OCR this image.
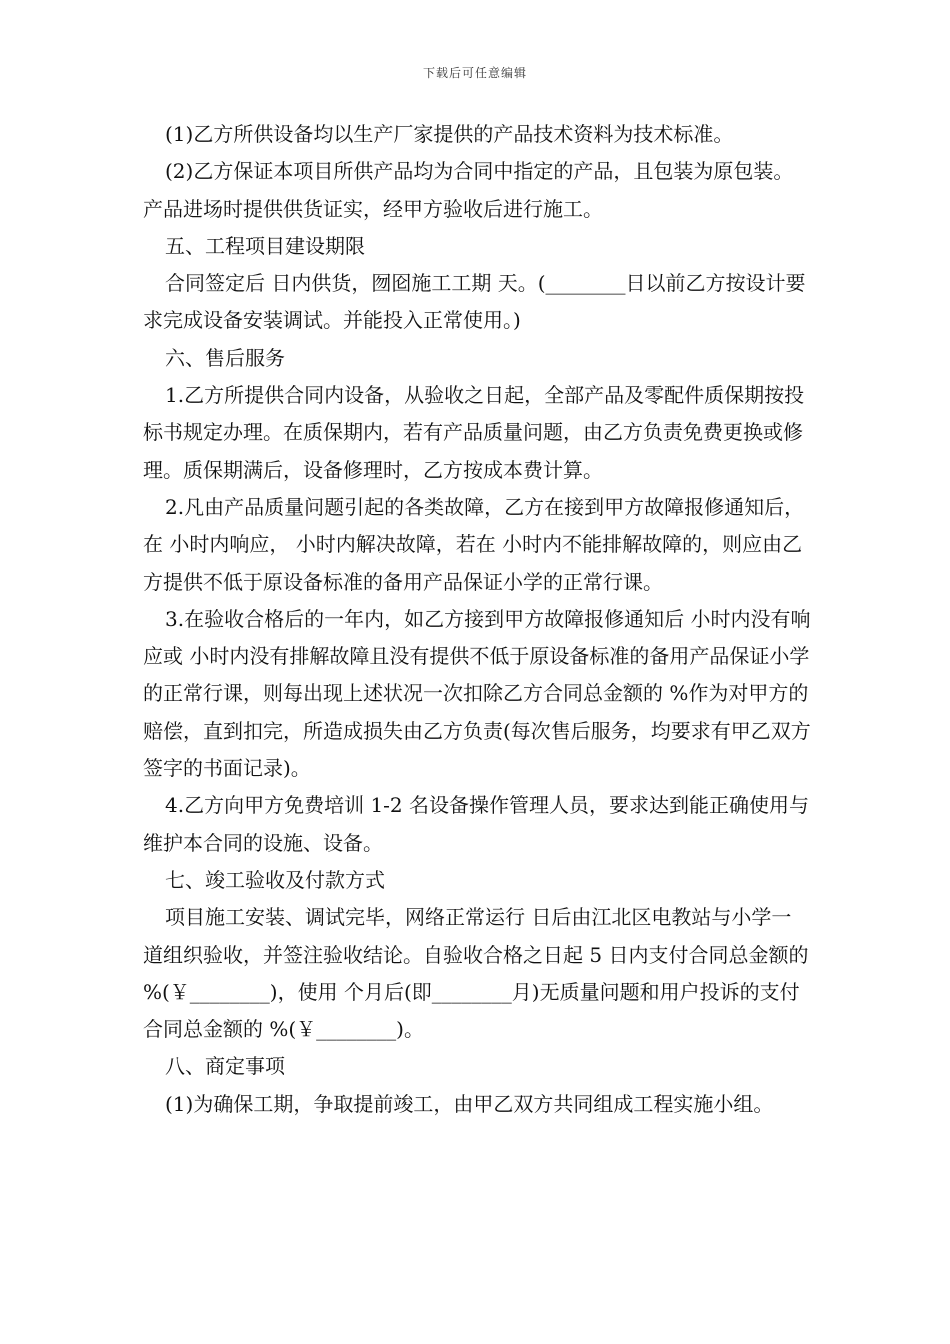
下载后可任意编辑

(1)乙方所供设备均以生产厂家提供的产品技术资料为技术标准。

(2)乙方保证本项目所供产品均为合同中指定的产品，且包装为原包装。产品进场时提供供货证实，经甲方验收后进行施工。

五、工程项目建设期限

合同签定后 日内供货，囫囵施工工期 天。(________日以前乙方按设计要求完成设备安装调试。并能投入正常使用。)

六、售后服务

1.乙方所提供合同内设备，从验收之日起，全部产品及零配件质保期按投标书规定办理。在质保期内，若有产品质量问题，由乙方负责免费更换或修理。质保期满后，设备修理时，乙方按成本费计算。

2.凡由产品质量问题引起的各类故障，乙方在接到甲方故障报修通知后，在 小时内响应， 小时内解决故障，若在 小时内不能排解故障的，则应由乙方提供不低于原设备标准的备用产品保证小学的正常行课。

3.在验收合格后的一年内，如乙方接到甲方故障报修通知后 小时内没有响应或 小时内没有排解故障且没有提供不低于原设备标准的备用产品保证小学的正常行课，则每出现上述状况一次扣除乙方合同总金额的 %作为对甲方的赔偿，直到扣完，所造成损失由乙方负责(每次售后服务，均要求有甲乙双方签字的书面记录)。

4.乙方向甲方免费培训 1-2 名设备操作管理人员，要求达到能正确使用与维护本合同的设施、设备。

七、竣工验收及付款方式

项目施工安装、调试完毕，网络正常运行 日后由江北区电教站与小学一道组织验收，并签注验收结论。自验收合格之日起 5 日内支付合同总金额的 %(￥________)，使用 个月后(即________月)无质量问题和用户投诉的支付合同总金额的 %(￥________)。

八、商定事项

(1)为确保工期，争取提前竣工，由甲乙双方共同组成工程实施小组。
